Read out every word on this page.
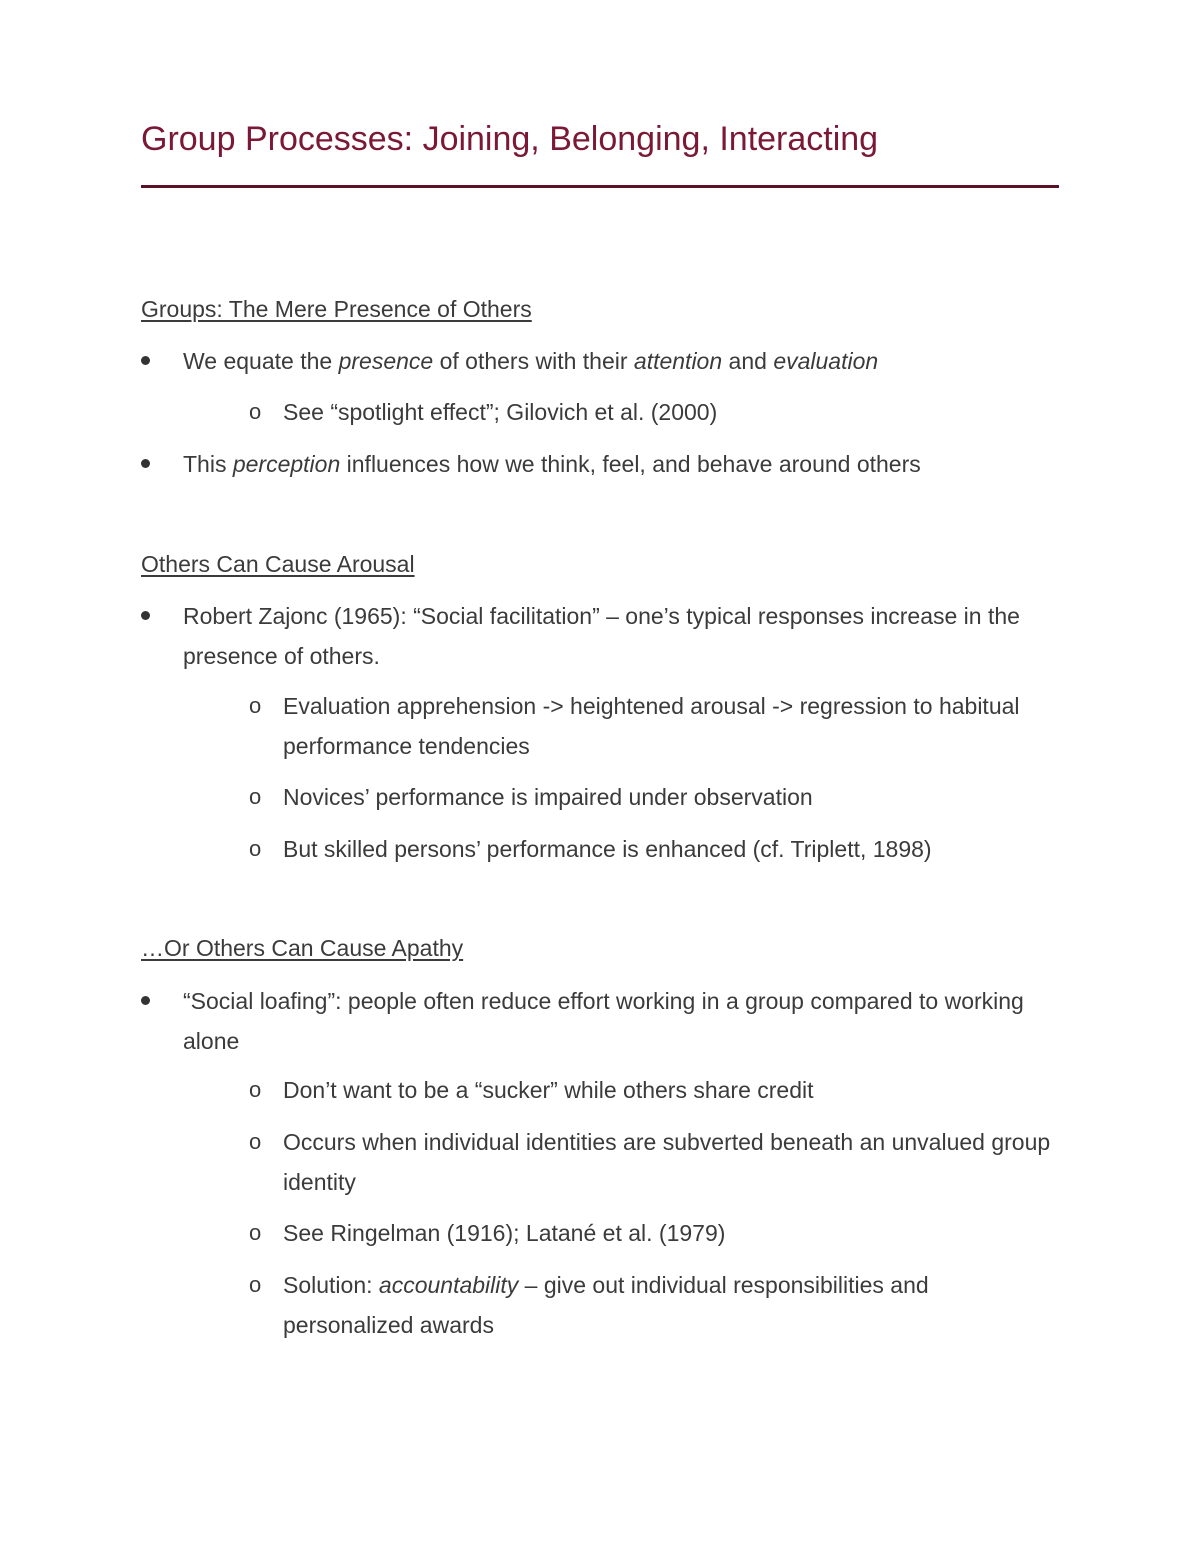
Group Processes: Joining, Belonging, Interacting
Groups: The Mere Presence of Others
We equate the presence of others with their attention and evaluation
o See “spotlight effect”; Gilovich et al. (2000)
This perception influences how we think, feel, and behave around others
Others Can Cause Arousal
Robert Zajonc (1965): “Social facilitation” – one’s typical responses increase in the presence of others.
o Evaluation apprehension -> heightened arousal -> regression to habitual performance tendencies
o Novices’ performance is impaired under observation
o But skilled persons’ performance is enhanced (cf. Triplett, 1898)
…Or Others Can Cause Apathy
“Social loafing”: people often reduce effort working in a group compared to working alone
o Don’t want to be a “sucker” while others share credit
o Occurs when individual identities are subverted beneath an unvalued group identity
o See Ringelman (1916); Latané et al. (1979)
o Solution: accountability – give out individual responsibilities and personalized awards
